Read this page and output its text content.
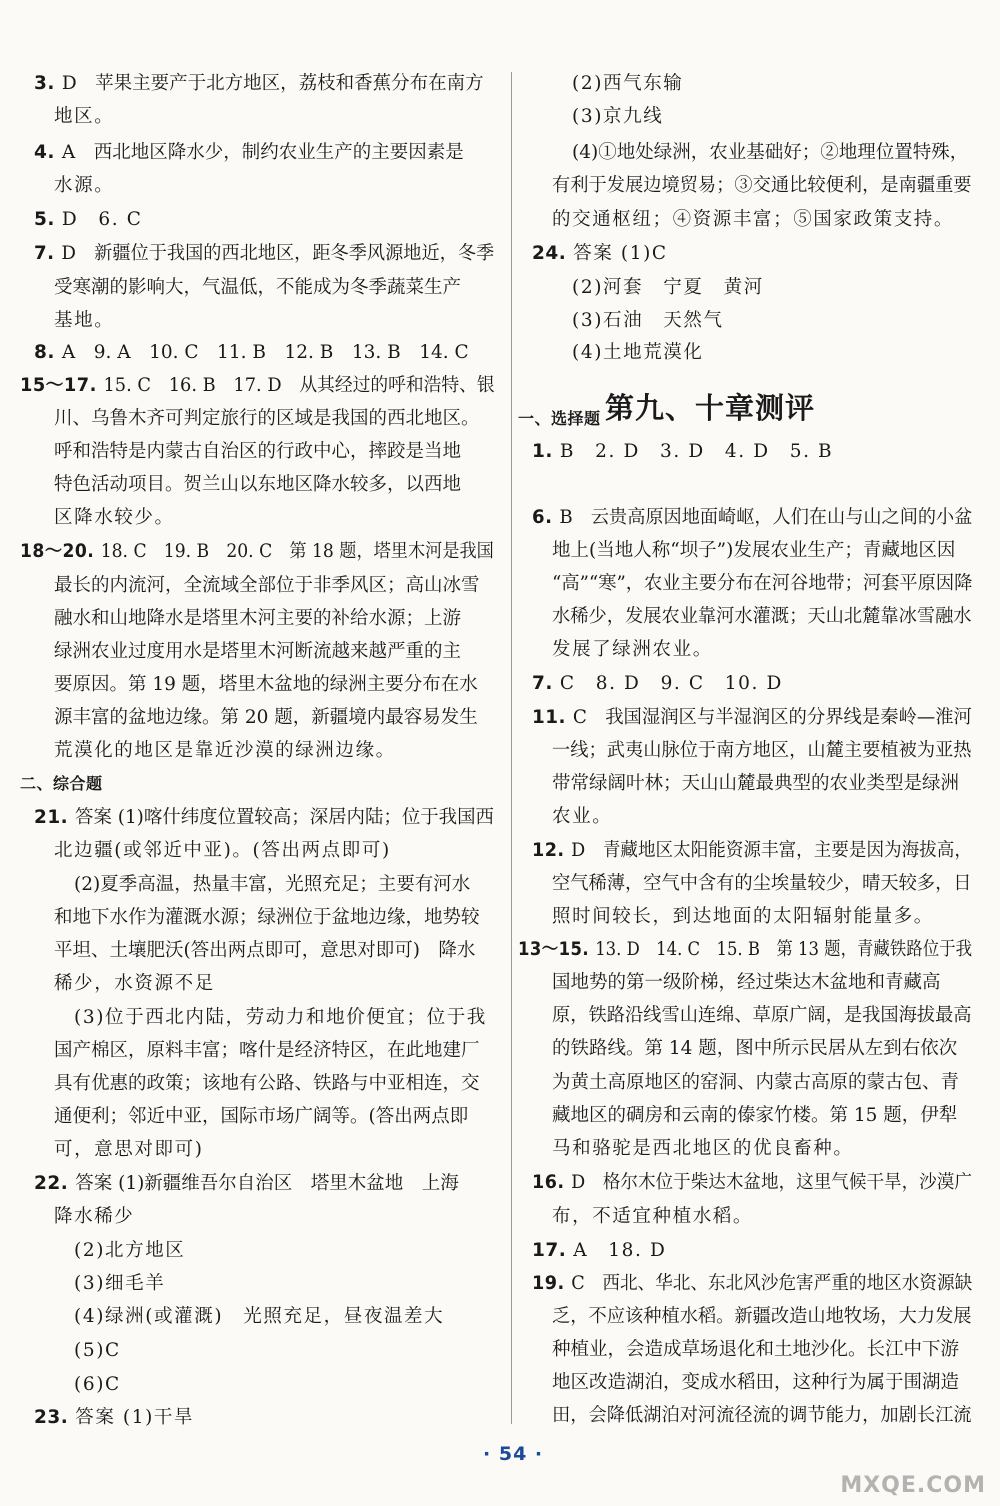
3. D　苹果主要产于北方地区，荔枝和香蕉分布在南方
地区。
4. A　西北地区降水少，制约农业生产的主要因素是
水源。
5. D　6. C
7. D　新疆位于我国的西北地区，距冬季风源地近，冬季
受寒潮的影响大，气温低，不能成为冬季蔬菜生产
基地。
8. A　9. A　10. C　11. B　12. B　13. B　14. C
15～17. 15. C　16. B　17. D　从其经过的呼和浩特、银
川、乌鲁木齐可判定旅行的区域是我国的西北地区。
呼和浩特是内蒙古自治区的行政中心，摔跤是当地
特色活动项目。贺兰山以东地区降水较多，以西地
区降水较少。
18～20. 18. C　19. B　20. C　第 18 题，塔里木河是我国
最长的内流河，全流域全部位于非季风区；高山冰雪
融水和山地降水是塔里木河主要的补给水源；上游
绿洲农业过度用水是塔里木河断流越来越严重的主
要原因。第 19 题，塔里木盆地的绿洲主要分布在水
源丰富的盆地边缘。第 20 题，新疆境内最容易发生
荒漠化的地区是靠近沙漠的绿洲边缘。
二、综合题
21. 答案 (1)喀什纬度位置较高；深居内陆；位于我国西
北边疆(或邻近中亚)。(答出两点即可)
(2)夏季高温，热量丰富，光照充足；主要有河水
和地下水作为灌溉水源；绿洲位于盆地边缘，地势较
平坦、土壤肥沃(答出两点即可，意思对即可)　降水
稀少，水资源不足
(3)位于西北内陆，劳动力和地价便宜；位于我
国产棉区，原料丰富；喀什是经济特区，在此地建厂
具有优惠的政策；该地有公路、铁路与中亚相连，交
通便利；邻近中亚，国际市场广阔等。(答出两点即
可，意思对即可)
22. 答案 (1)新疆维吾尔自治区　塔里木盆地　上海
降水稀少
(2)北方地区
(3)细毛羊
(4)绿洲(或灌溉)　光照充足，昼夜温差大
(5)C
(6)C
23. 答案 (1)干旱
(2)西气东输
(3)京九线
(4)①地处绿洲，农业基础好；②地理位置特殊，
有利于发展边境贸易；③交通比较便利，是南疆重要
的交通枢纽；④资源丰富；⑤国家政策支持。
24. 答案 (1)C
(2)河套　宁夏　黄河
(3)石油　天然气
(4)土地荒漠化
一、选择题
1. B　2. D　3. D　4. D　5. B
6. B　云贵高原因地面崎岖，人们在山与山之间的小盆
地上(当地人称“坝子”)发展农业生产；青藏地区因
“高”“寒”，农业主要分布在河谷地带；河套平原因降
水稀少，发展农业靠河水灌溉；天山北麓靠冰雪融水
发展了绿洲农业。
7. C　8. D　9. C　10. D
11. C　我国湿润区与半湿润区的分界线是秦岭—淮河
一线；武夷山脉位于南方地区，山麓主要植被为亚热
带常绿阔叶林；天山山麓最典型的农业类型是绿洲
农业。
12. D　青藏地区太阳能资源丰富，主要是因为海拔高，
空气稀薄，空气中含有的尘埃量较少，晴天较多，日
照时间较长，到达地面的太阳辐射能量多。
13～15. 13. D　14. C　15. B　第 13 题，青藏铁路位于我
国地势的第一级阶梯，经过柴达木盆地和青藏高
原，铁路沿线雪山连绵、草原广阔，是我国海拔最高
的铁路线。第 14 题，图中所示民居从左到右依次
为黄土高原地区的窑洞、内蒙古高原的蒙古包、青
藏地区的碉房和云南的傣家竹楼。第 15 题，伊犁
马和骆驼是西北地区的优良畜种。
16. D　格尔木位于柴达木盆地，这里气候干旱，沙漠广
布，不适宜种植水稻。
17. A　18. D
19. C　西北、华北、东北风沙危害严重的地区水资源缺
乏，不应该种植水稻。新疆改造山地牧场，大力发展
种植业，会造成草场退化和土地沙化。长江中下游
地区改造湖泊，变成水稻田，这种行为属于围湖造
田，会降低湖泊对河流径流的调节能力，加剧长江流
第九、十章测评
· 54 ·
MXQE.COM
